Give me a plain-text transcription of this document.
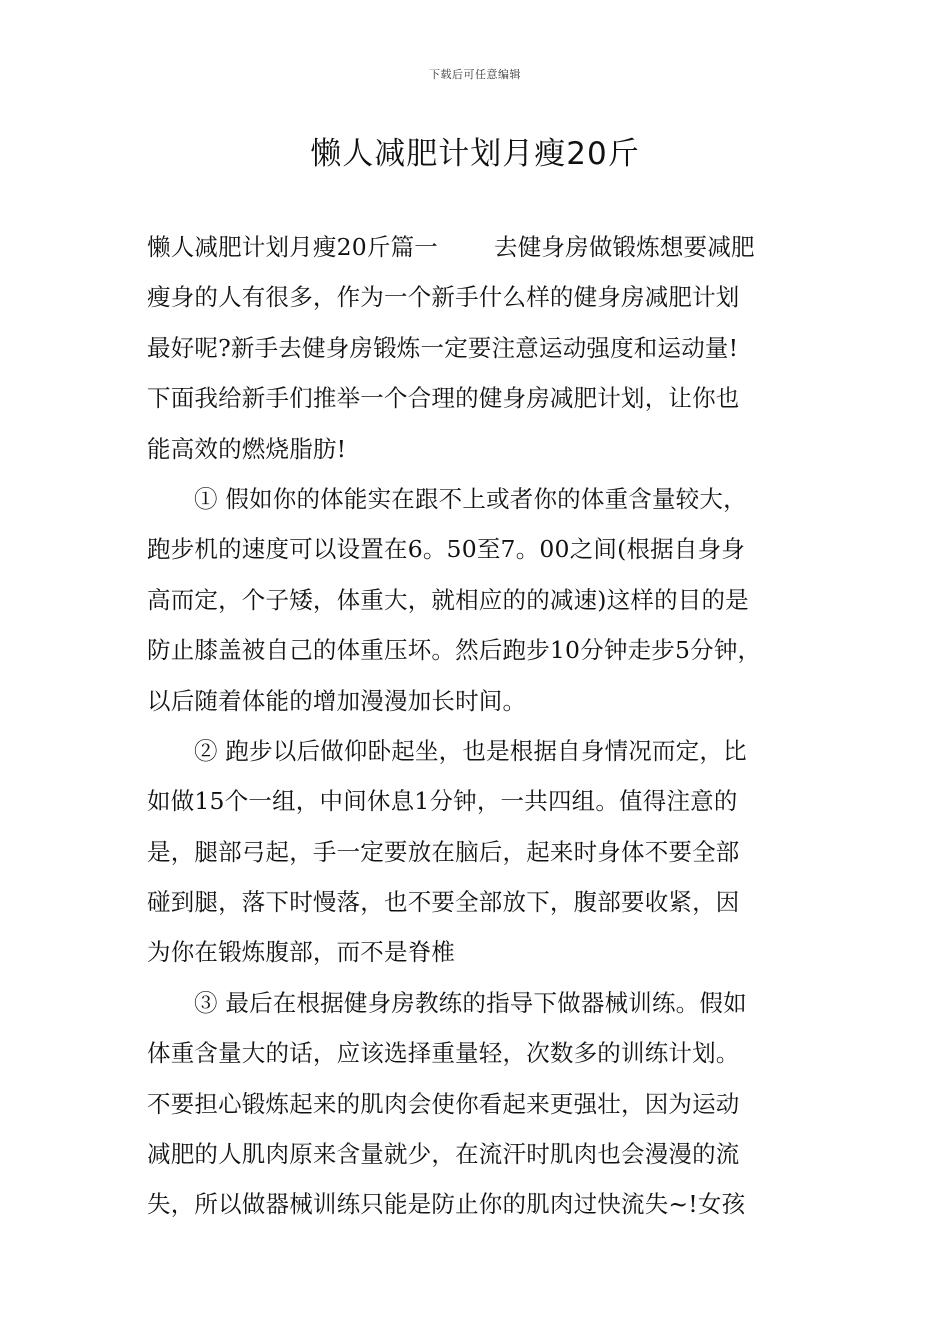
下载后可任意编辑
懒人减肥计划月瘦20斤
懒人减肥计划月瘦20斤篇一 去健身房做锻炼想要减肥
瘦身的人有很多，作为一个新手什么样的健身房减肥计划
最好呢?新手去健身房锻炼一定要注意运动强度和运动量!
下面我给新手们推举一个合理的健身房减肥计划，让你也
能高效的燃烧脂肪!
① 假如你的体能实在跟不上或者你的体重含量较大，
跑步机的速度可以设置在6。50至7。00之间(根据自身身
高而定，个子矮，体重大，就相应的的减速)这样的目的是
防止膝盖被自己的体重压坏。然后跑步10分钟走步5分钟，
以后随着体能的增加漫漫加长时间。
② 跑步以后做仰卧起坐，也是根据自身情况而定，比
如做15个一组，中间休息1分钟，一共四组。值得注意的
是，腿部弓起，手一定要放在脑后，起来时身体不要全部
碰到腿，落下时慢落，也不要全部放下，腹部要收紧，因
为你在锻炼腹部，而不是脊椎
③ 最后在根据健身房教练的指导下做器械训练。假如
体重含量大的话，应该选择重量轻，次数多的训练计划。
不要担心锻炼起来的肌肉会使你看起来更强壮，因为运动
减肥的人肌肉原来含量就少，在流汗时肌肉也会漫漫的流
失，所以做器械训练只能是防止你的肌肉过快流失~!女孩
